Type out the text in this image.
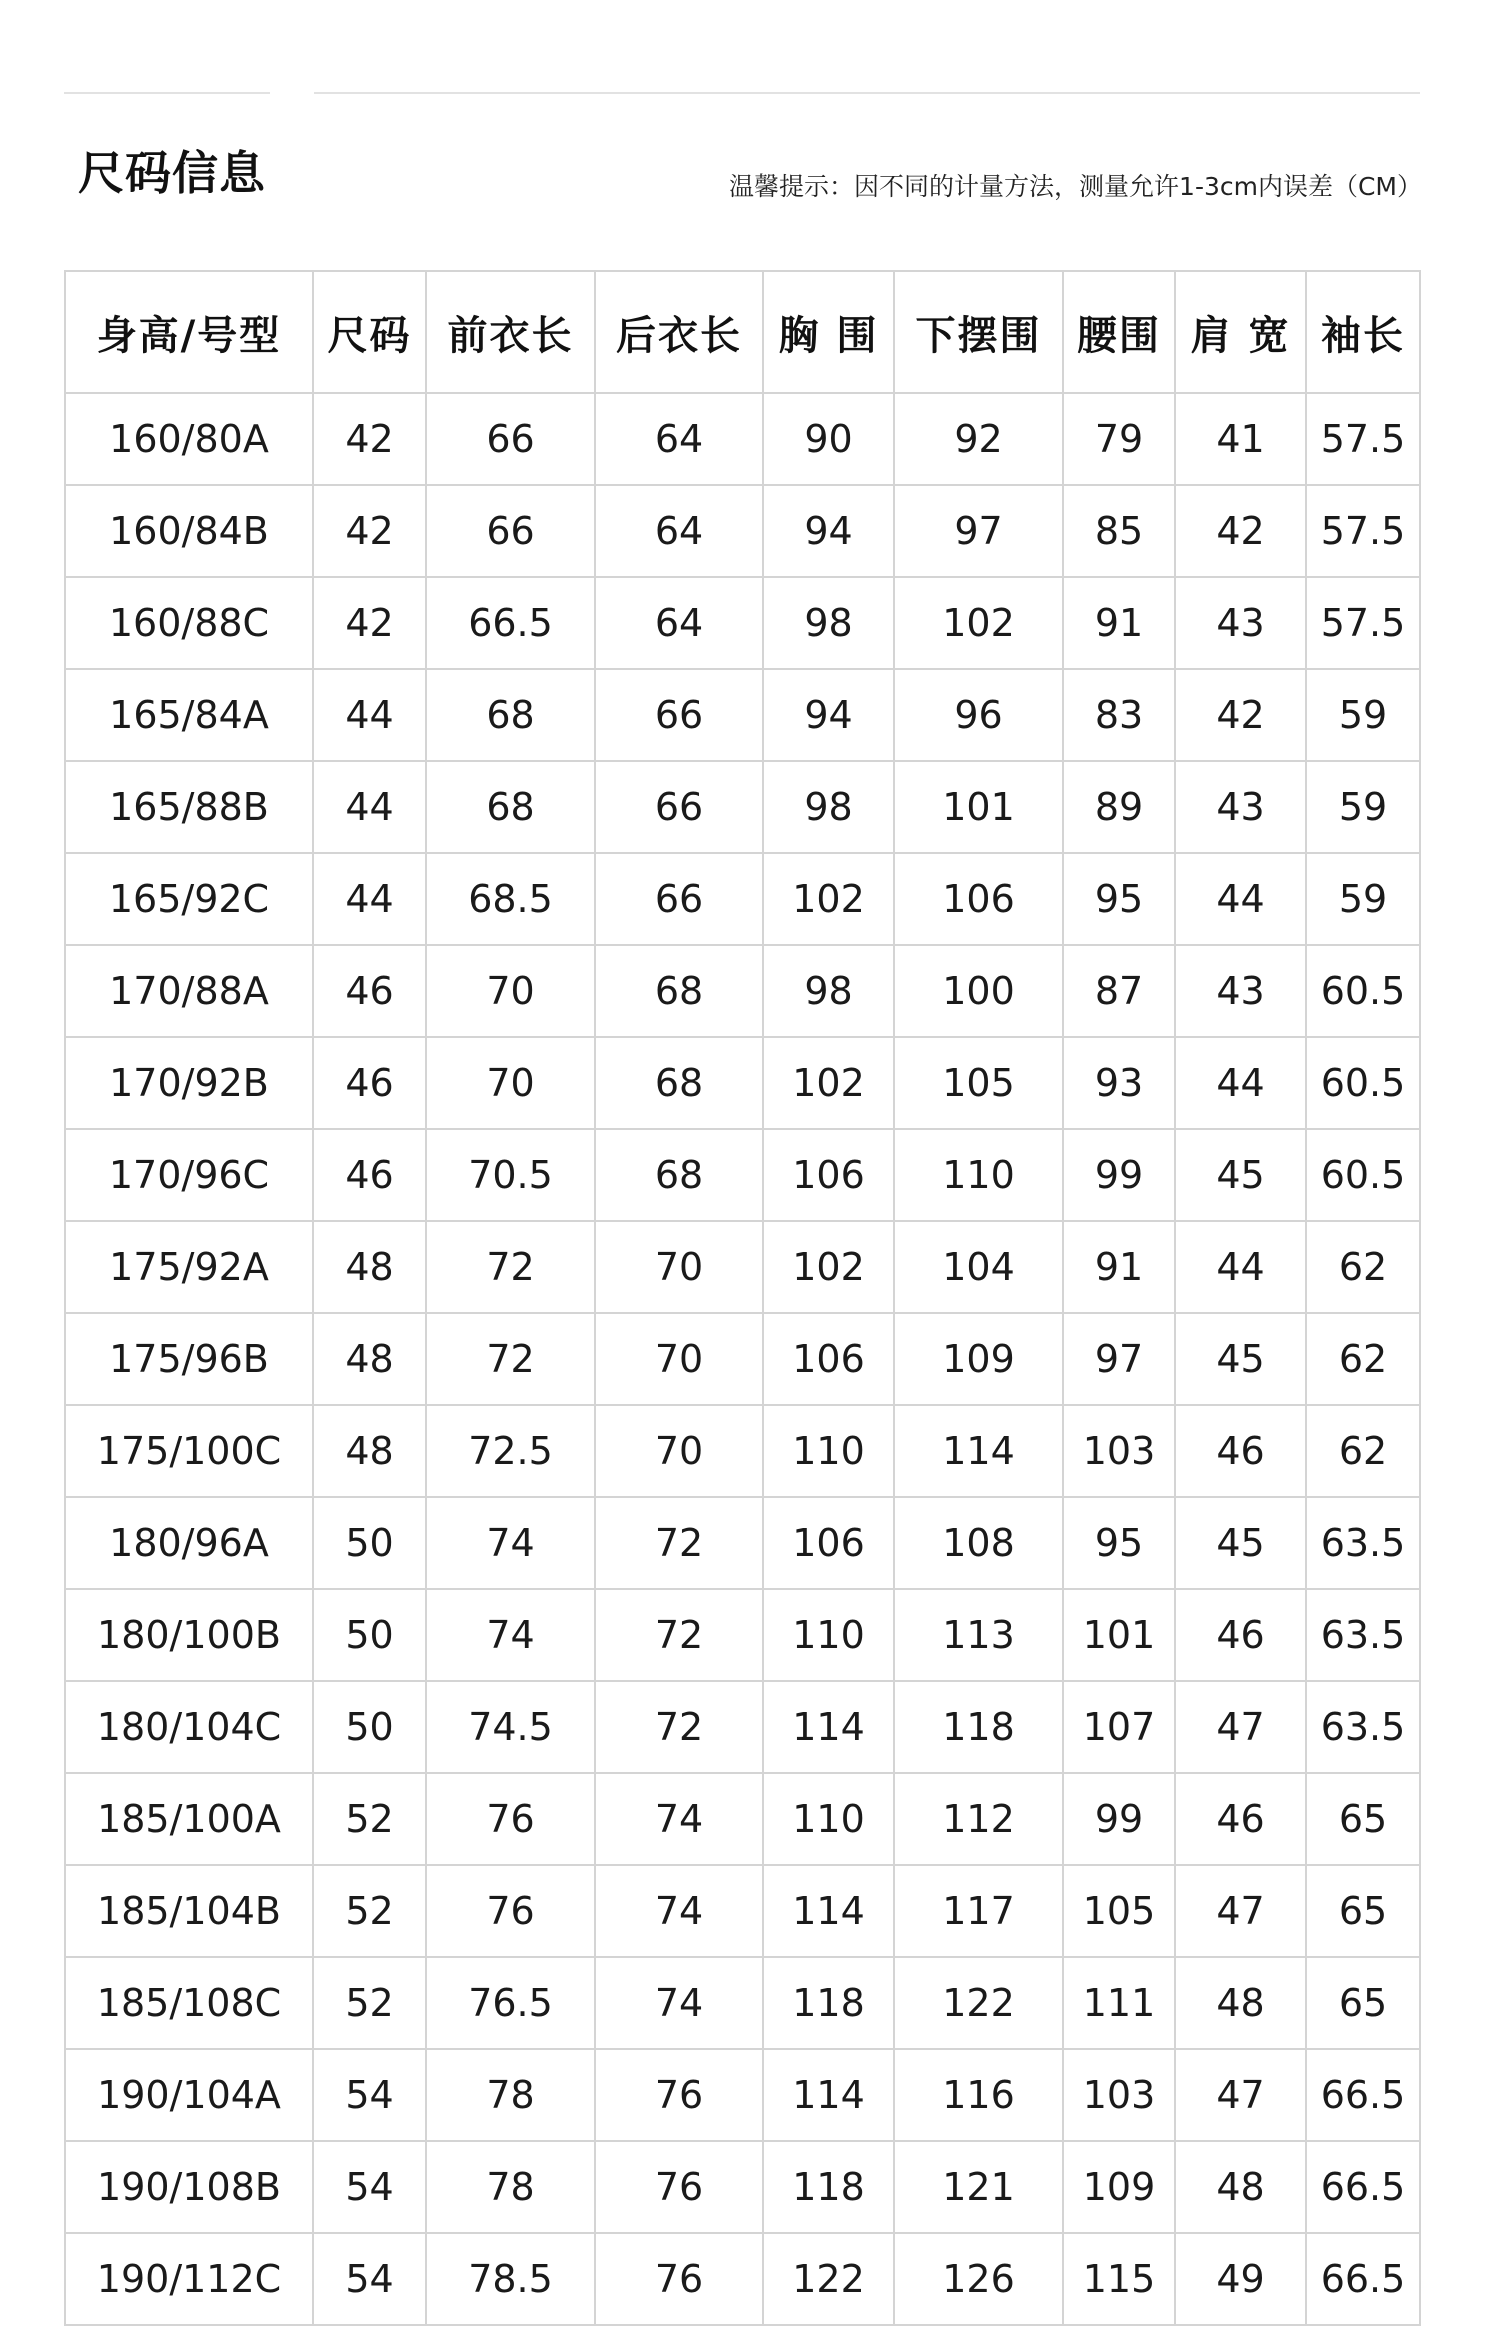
尺码信息	温馨提示：因不同的计量方法，测量允许1-3cm内误差（CM）
身高/号型	尺码	前衣长	后衣长	胸 围	下摆围	腰围	肩 宽	袖长
160/80A	42	66	64	90	92	79	41	57.5
160/84B	42	66	64	94	97	85	42	57.5
160/88C	42	66.5	64	98	102	91	43	57.5
165/84A	44	68	66	94	96	83	42	59
165/88B	44	68	66	98	101	89	43	59
165/92C	44	68.5	66	102	106	95	44	59
170/88A	46	70	68	98	100	87	43	60.5
170/92B	46	70	68	102	105	93	44	60.5
170/96C	46	70.5	68	106	110	99	45	60.5
175/92A	48	72	70	102	104	91	44	62
175/96B	48	72	70	106	109	97	45	62
175/100C	48	72.5	70	110	114	103	46	62
180/96A	50	74	72	106	108	95	45	63.5
180/100B	50	74	72	110	113	101	46	63.5
180/104C	50	74.5	72	114	118	107	47	63.5
185/100A	52	76	74	110	112	99	46	65
185/104B	52	76	74	114	117	105	47	65
185/108C	52	76.5	74	118	122	111	48	65
190/104A	54	78	76	114	116	103	47	66.5
190/108B	54	78	76	118	121	109	48	66.5
190/112C	54	78.5	76	122	126	115	49	66.5
